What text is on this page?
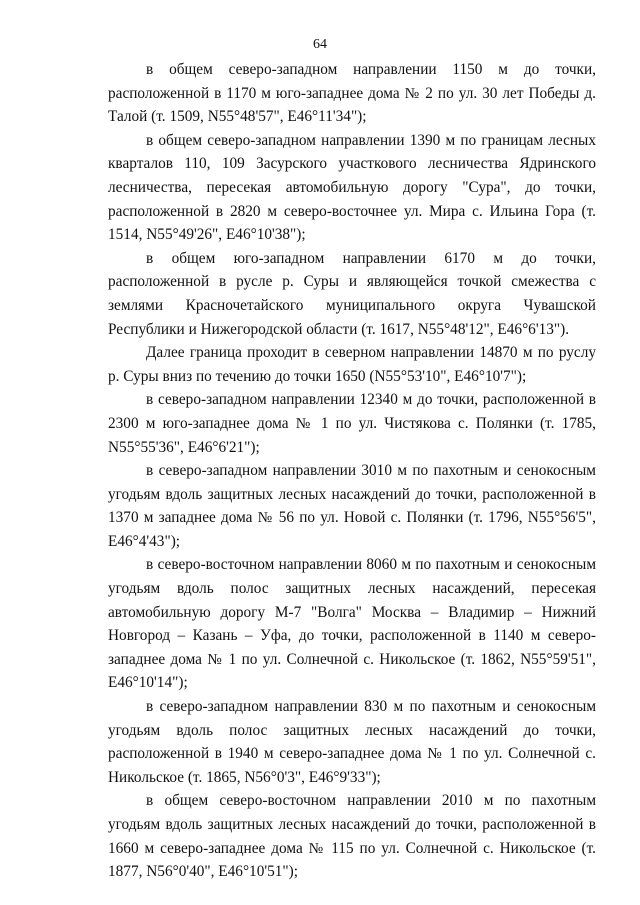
64

в общем северо-западном направлении 1150 м до точки, расположенной в 1170 м юго-западнее дома № 2 по ул. 30 лет Победы д. Талой (т. 1509, N55°48'57", E46°11'34");

в общем северо-западном направлении 1390 м по границам лесных кварталов 110, 109 Засурского участкового лесничества Ядринского лесничества, пересекая автомобильную дорогу "Сура", до точки, расположенной в 2820 м северо-восточнее ул. Мира с. Ильина Гора (т. 1514, N55°49'26", E46°10'38");

в общем юго-западном направлении 6170 м до точки, расположенной в русле р. Суры и являющейся точкой смежества с землями Красночетайского муниципального округа Чувашской Республики и Нижегородской области (т. 1617, N55°48'12", E46°6'13").

Далее граница проходит в северном направлении 14870 м по руслу р. Суры вниз по течению до точки 1650 (N55°53'10", E46°10'7");

в северо-западном направлении 12340 м до точки, расположенной в 2300 м юго-западнее дома № 1 по ул. Чистякова с. Полянки (т. 1785, N55°55'36", E46°6'21");

в северо-западном направлении 3010 м по пахотным и сенокосным угодьям вдоль защитных лесных насаждений до точки, расположенной в 1370 м западнее дома № 56 по ул. Новой с. Полянки (т. 1796, N55°56'5", E46°4'43");

в северо-восточном направлении 8060 м по пахотным и сенокосным угодьям вдоль полос защитных лесных насаждений, пересекая автомобильную дорогу М-7 "Волга" Москва – Владимир – Нижний Новгород – Казань – Уфа, до точки, расположенной в 1140 м северо-западнее дома № 1 по ул. Солнечной с. Никольское (т. 1862, N55°59'51", E46°10'14");

в северо-западном направлении 830 м по пахотным и сенокосным угодьям вдоль полос защитных лесных насаждений до точки, расположенной в 1940 м северо-западнее дома № 1 по ул. Солнечной с. Никольское (т. 1865, N56°0'3", E46°9'33");

в общем северо-восточном направлении 2010 м по пахотным угодьям вдоль защитных лесных насаждений до точки, расположенной в 1660 м северо-западнее дома № 115 по ул. Солнечной с. Никольское (т. 1877, N56°0'40", E46°10'51");
